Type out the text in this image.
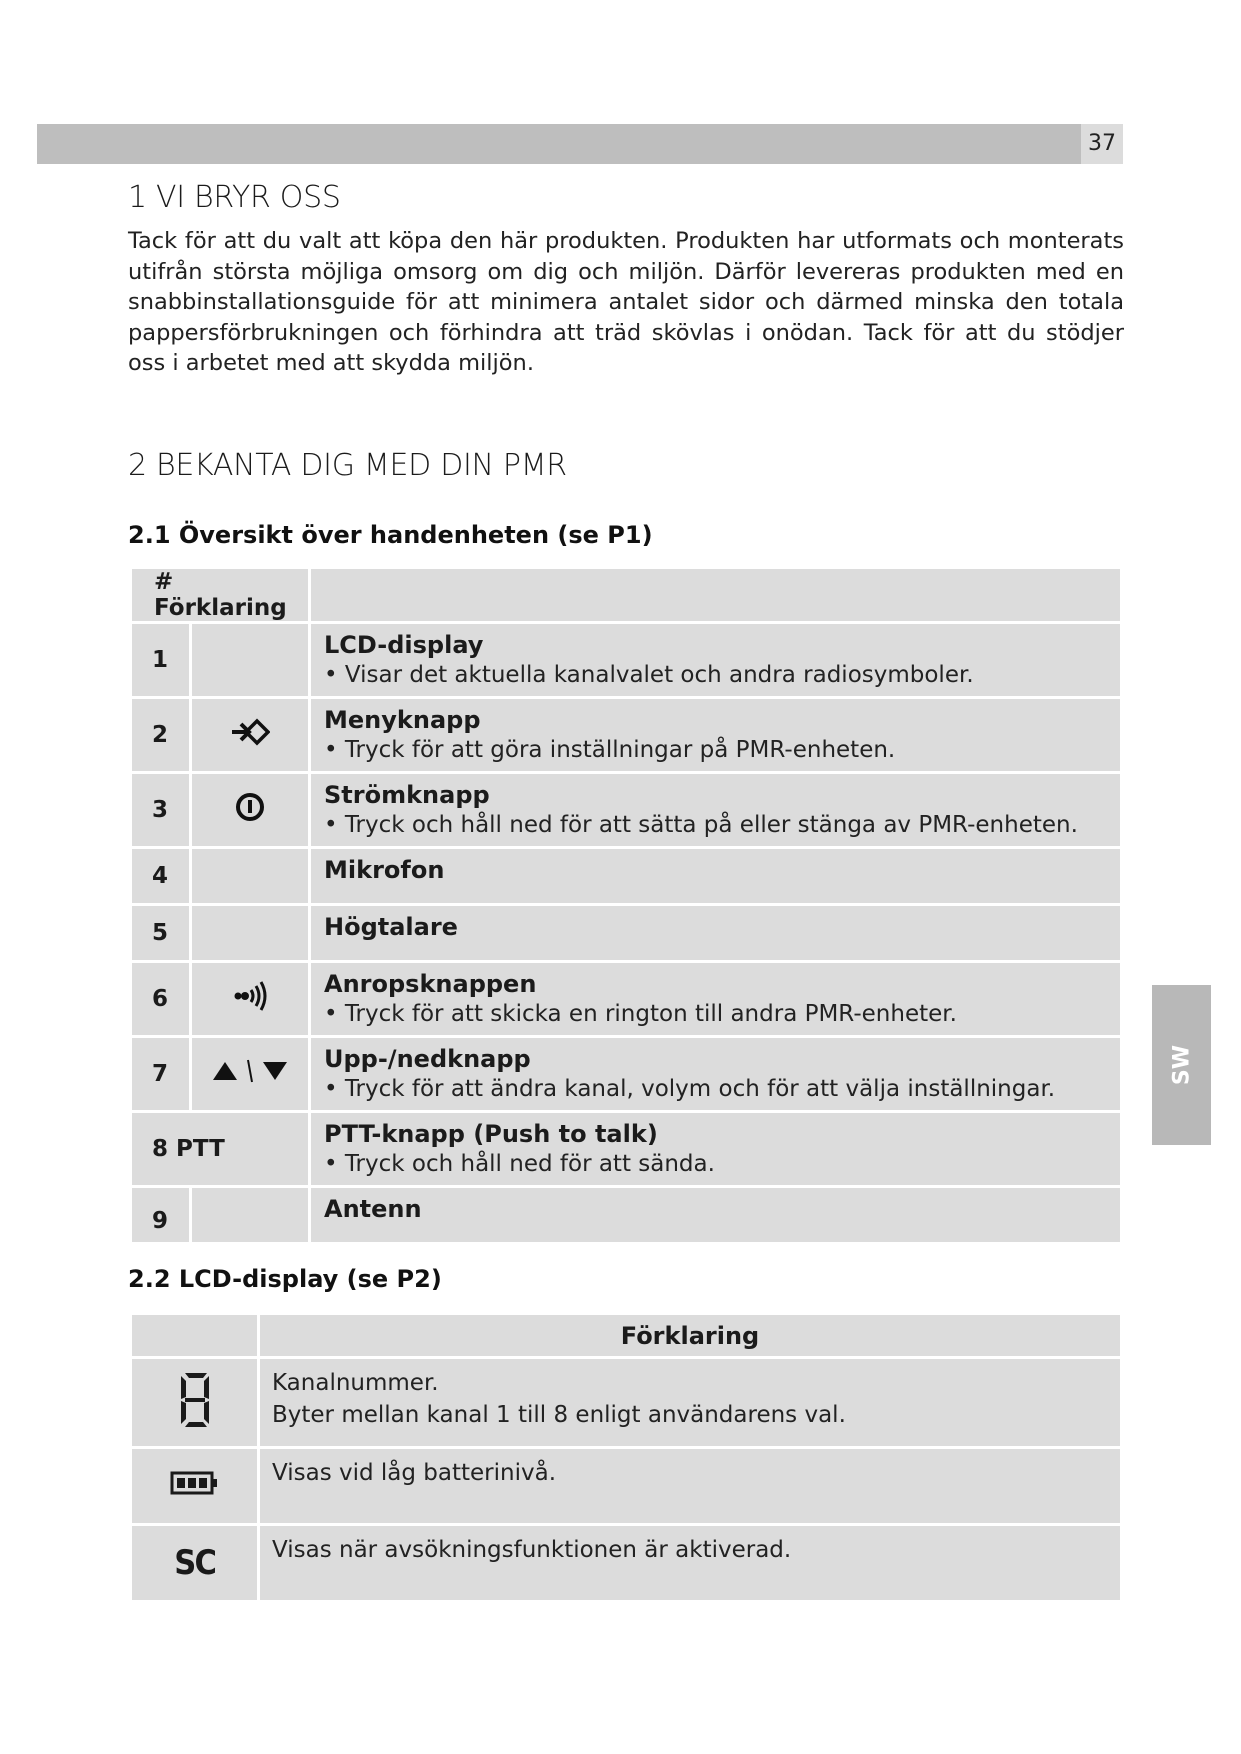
37
1 VI BRYR OSS

Tack för att du valt att köpa den här produkten. Produkten har utformats och monterats utifrån största möjliga omsorg om dig och miljön. Därför levereras produkten med en snabbinstallationsguide för att minimera antalet sidor och därmed minska den totala pappersförbrukningen och förhindra att träd skövlas i onödan. Tack för att du stödjer oss i arbetet med att skydda miljön.

2 BEKANTA DIG MED DIN PMR
2.1 Översikt över handenheten (se P1)
# Förklaring		
1		LCD-display
• Visar det aktuella kanalvalet och andra radiosymboler.

2		Menyknapp
• Tryck för att göra inställningar på PMR-enheten.

3		Strömknapp
• Tryck och håll ned för att sätta på eller stänga av PMR-enheten.

4		Mikrofon

5		Högtalare

6		Anropsknappen
• Tryck för att skicka en rington till andra PMR-enheter.

7		Upp-/nedknapp
• Tryck för att ändra kanal, volym och för att välja inställningar.

8 PTT		PTT-knapp (Push to talk)
• Tryck och håll ned för att sända.

9		Antenn
SW
2.2 LCD-display (se P2)
	Förklaring

Kanalnummer.
Byter mellan kanal 1 till 8 enligt användarens val.

Visas vid låg batterinivå.

SC	Visas när avsökningsfunktionen är aktiverad.
